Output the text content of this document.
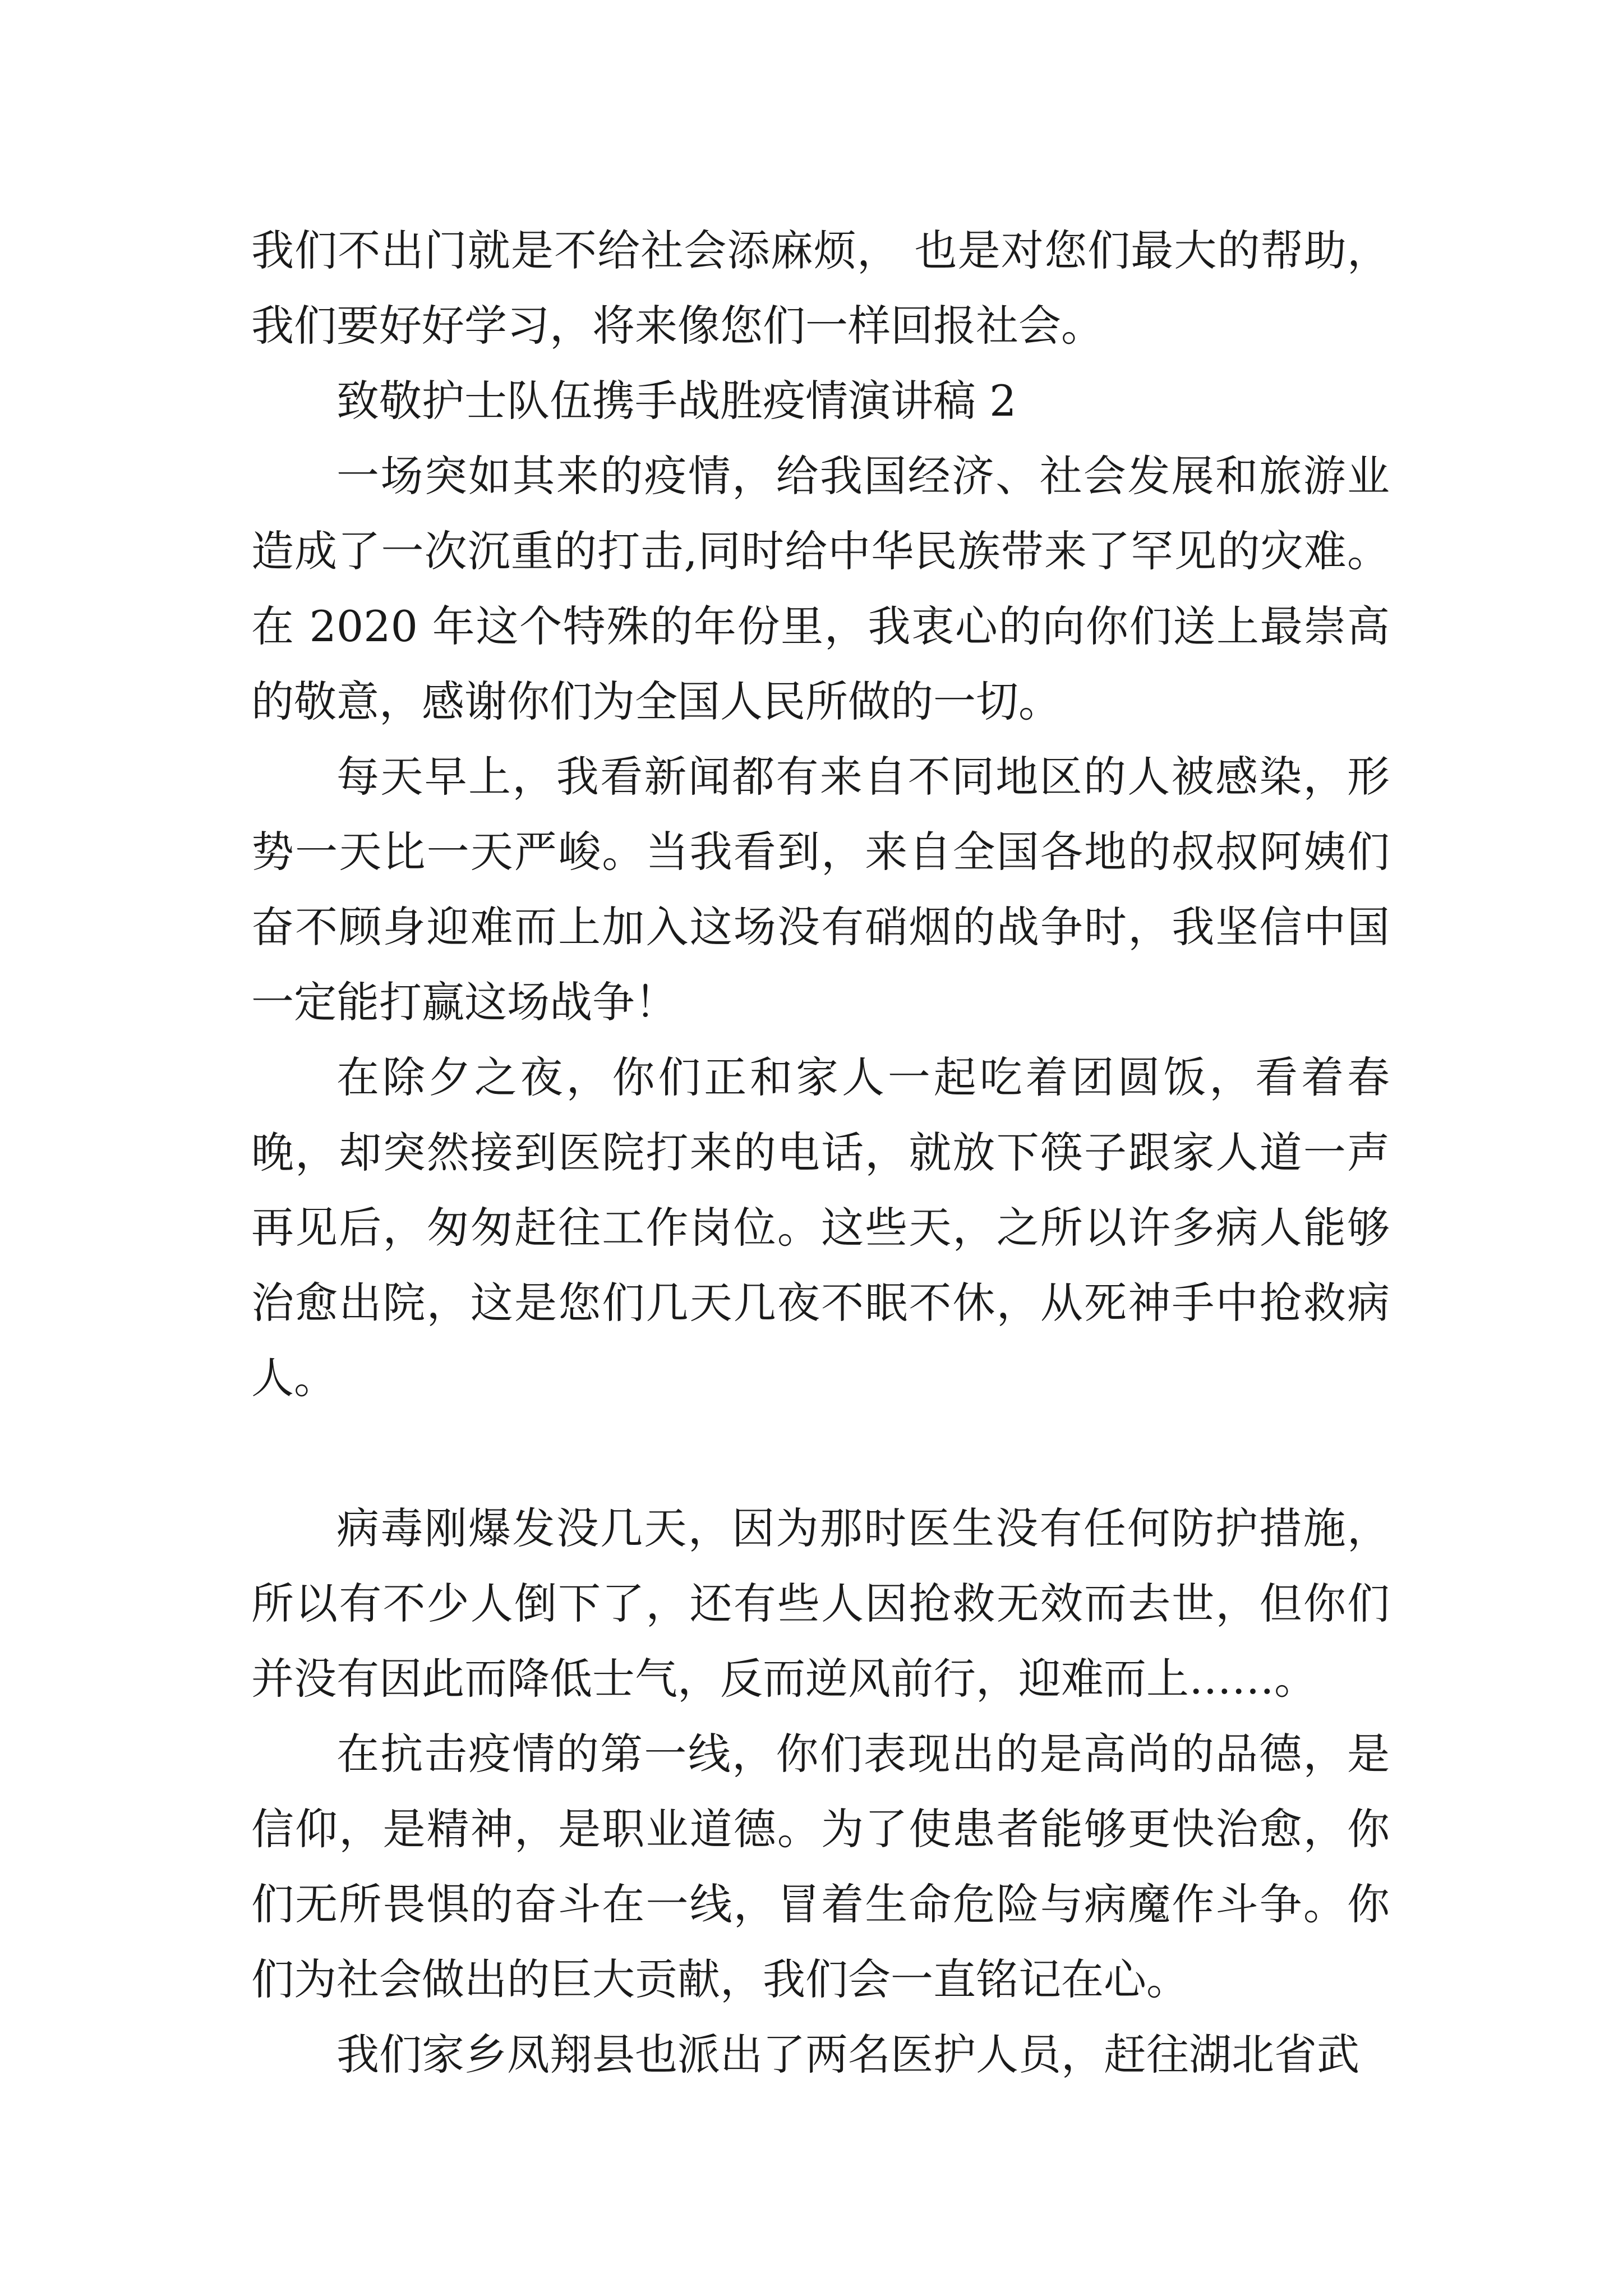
我们不出门就是不给社会添麻烦， 也是对您们最大的帮助，我们要好好学习，将来像您们一样回报社会。

致敬护士队伍携手战胜疫情演讲稿 2

一场突如其来的疫情，给我国经济、社会发展和旅游业造成了一次沉重的打击,同时给中华民族带来了罕见的灾难。在 2020 年这个特殊的年份里，我衷心的向你们送上最崇高的敬意，感谢你们为全国人民所做的一切。

每天早上，我看新闻都有来自不同地区的人被感染，形势一天比一天严峻。当我看到，来自全国各地的叔叔阿姨们奋不顾身迎难而上加入这场没有硝烟的战争时，我坚信中国一定能打赢这场战争！

在除夕之夜，你们正和家人一起吃着团圆饭，看着春晚，却突然接到医院打来的电话，就放下筷子跟家人道一声再见后，匆匆赶往工作岗位。这些天，之所以许多病人能够治愈出院，这是您们几天几夜不眠不休，从死神手中抢救病人。

病毒刚爆发没几天，因为那时医生没有任何防护措施，所以有不少人倒下了，还有些人因抢救无效而去世，但你们并没有因此而降低士气，反而逆风前行，迎难而上……。

在抗击疫情的第一线，你们表现出的是高尚的品德，是信仰，是精神，是职业道德。为了使患者能够更快治愈，你们无所畏惧的奋斗在一线，冒着生命危险与病魔作斗争。你们为社会做出的巨大贡献，我们会一直铭记在心。

我们家乡凤翔县也派出了两名医护人员，赶往湖北省武
